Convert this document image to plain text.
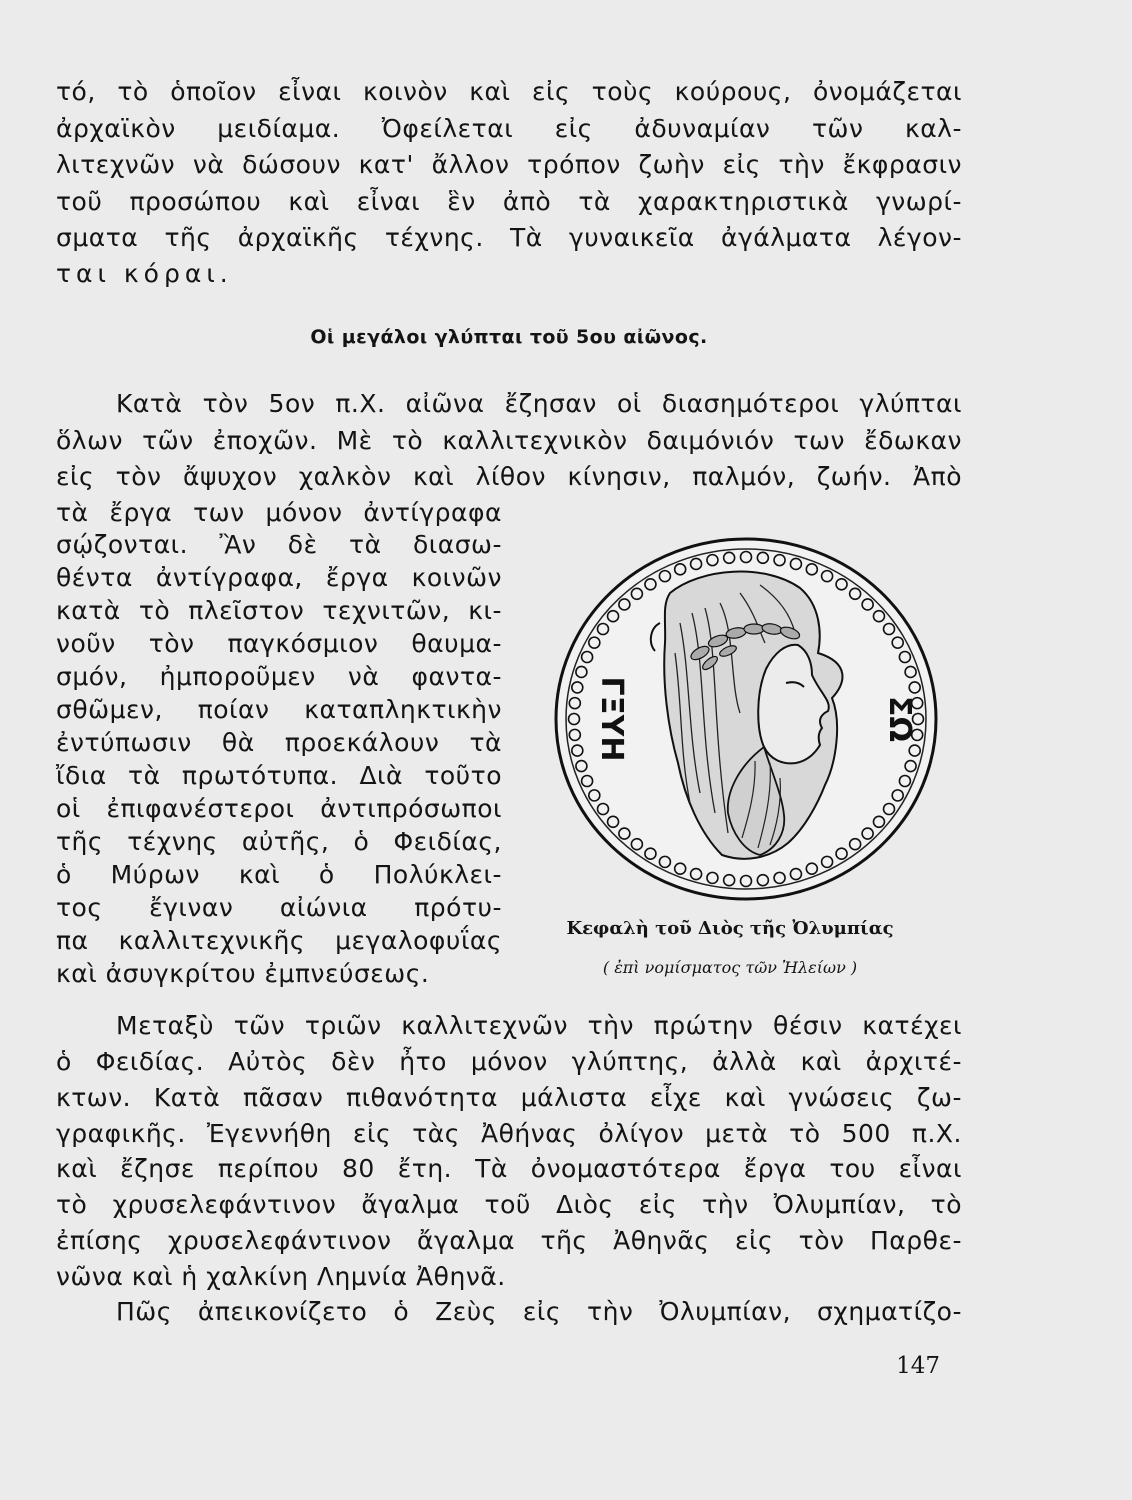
τό, τὸ ὁποῖον εἶναι κοινὸν καὶ εἰς τοὺς κούρους, ὀνομάζεται
ἀρχαϊκὸν μειδίαμα. Ὀφείλεται εἰς ἀδυναμίαν τῶν καλ-
λιτεχνῶν νὰ δώσουν κατ' ἄλλον τρόπον ζωὴν εἰς τὴν ἔκφρασιν
τοῦ προσώπου καὶ εἶναι ἓν ἀπὸ τὰ χαρακτηριστικὰ γνωρί-
σματα τῆς ἀρχαϊκῆς τέχνης. Τὰ γυναικεῖα ἀγάλματα λέγον-
ται κόραι.
Οἱ μεγάλοι γλύπται τοῦ 5ου αἰῶνος.
Κατὰ τὸν 5ον π.Χ. αἰῶνα ἔζησαν οἱ διασημότεροι γλύπται
ὅλων τῶν ἐποχῶν. Μὲ τὸ καλλιτεχνικὸν δαιμόνιόν των ἔδωκαν
εἰς τὸν ἄψυχον χαλκὸν καὶ λίθον κίνησιν, παλμόν, ζωήν. Ἀπὸ
τὰ ἔργα των μόνον ἀντίγραφα
σῴζονται. Ἂν δὲ τὰ διασω-
θέντα ἀντίγραφα, ἔργα κοινῶν
κατὰ τὸ πλεῖστον τεχνιτῶν, κι-
νοῦν τὸν παγκόσμιον θαυμα-
σμόν, ἠμποροῦμεν νὰ φαντα-
σθῶμεν, ποίαν καταπληκτικὴν
ἐντύπωσιν θὰ προεκάλουν τὰ
ἴδια τὰ πρωτότυπα. Διὰ τοῦτο
οἱ ἐπιφανέστεροι ἀντιπρόσωποι
τῆς τέχνης αὐτῆς, ὁ Φειδίας,
ὁ Μύρων καὶ ὁ Πολύκλει-
τος ἔγιναν αἰώνια πρότυ-
πα καλλιτεχνικῆς μεγαλοφυΐας
καὶ ἀσυγκρίτου ἐμπνεύσεως.
ΓΞΥΗ	ΣΩ
Κεφαλὴ τοῦ Διὸς τῆς Ὀλυμπίας
( ἐπὶ νομίσματος τῶν Ἠλείων )
Μεταξὺ τῶν τριῶν καλλιτεχνῶν τὴν πρώτην θέσιν κατέχει
ὁ Φειδίας. Αὐτὸς δὲν ἦτο μόνον γλύπτης, ἀλλὰ καὶ ἀρχιτέ-
κτων. Κατὰ πᾶσαν πιθανότητα μάλιστα εἶχε καὶ γνώσεις ζω-
γραφικῆς. Ἐγεννήθη εἰς τὰς Ἀθήνας ὀλίγον μετὰ τὸ 500 π.Χ.
καὶ ἔζησε περίπου 80 ἔτη. Τὰ ὀνομαστότερα ἔργα του εἶναι
τὸ χρυσελεφάντινον ἄγαλμα τοῦ Διὸς εἰς τὴν Ὀλυμπίαν, τὸ
ἐπίσης χρυσελεφάντινον ἄγαλμα τῆς Ἀθηνᾶς εἰς τὸν Παρθε-
νῶνα καὶ ἡ χαλκίνη Λημνία Ἀθηνᾶ.
Πῶς ἀπεικονίζετο ὁ Ζεὺς εἰς τὴν Ὀλυμπίαν, σχηματίζο-
147
